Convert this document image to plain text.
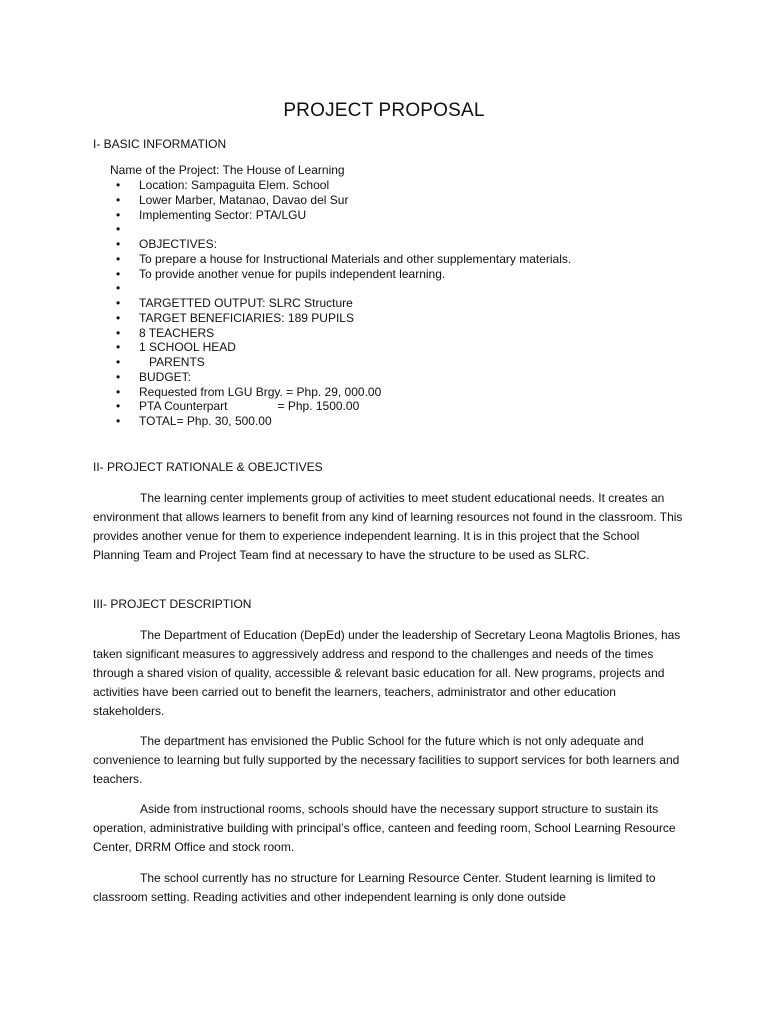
PROJECT PROPOSAL
I- BASIC INFORMATION
Name of the Project: The House of Learning
• Location: Sampaguita Elem. School
• Lower Marber, Matanao, Davao del Sur
• Implementing Sector: PTA/LGU
•
• OBJECTIVES:
• To prepare a house for Instructional Materials and other supplementary materials.
• To provide another venue for pupils independent learning.
•
• TARGETTED OUTPUT: SLRC Structure
• TARGET BENEFICIARIES: 189 PUPILS
• 8 TEACHERS
• 1 SCHOOL HEAD
• PARENTS
• BUDGET:
• Requested from LGU Brgy. = Php. 29, 000.00
• PTA Counterpart               = Php. 1500.00
• TOTAL= Php. 30, 500.00
II- PROJECT RATIONALE & OBEJCTIVES

The learning center implements group of activities to meet student educational needs. It creates an environment that allows learners to benefit from any kind of learning resources not found in the classroom. This provides another venue for them to experience independent learning. It is in this project that the School Planning Team and Project Team find at necessary to have the structure to be used as SLRC.

III- PROJECT DESCRIPTION

The Department of Education (DepEd) under the leadership of Secretary Leona Magtolis Briones, has taken significant measures to aggressively address and respond to the challenges and needs of the times through a shared vision of quality, accessible & relevant basic education for all. New programs, projects and activities have been carried out to benefit the learners, teachers, administrator and other education stakeholders.

The department has envisioned the Public School for the future which is not only adequate and convenience to learning but fully supported by the necessary facilities to support services for both learners and teachers.

Aside from instructional rooms, schools should have the necessary support structure to sustain its operation, administrative building with principal’s office, canteen and feeding room, School Learning Resource Center, DRRM Office and stock room.

The school currently has no structure for Learning Resource Center. Student learning is limited to classroom setting. Reading activities and other independent learning is only done outside
